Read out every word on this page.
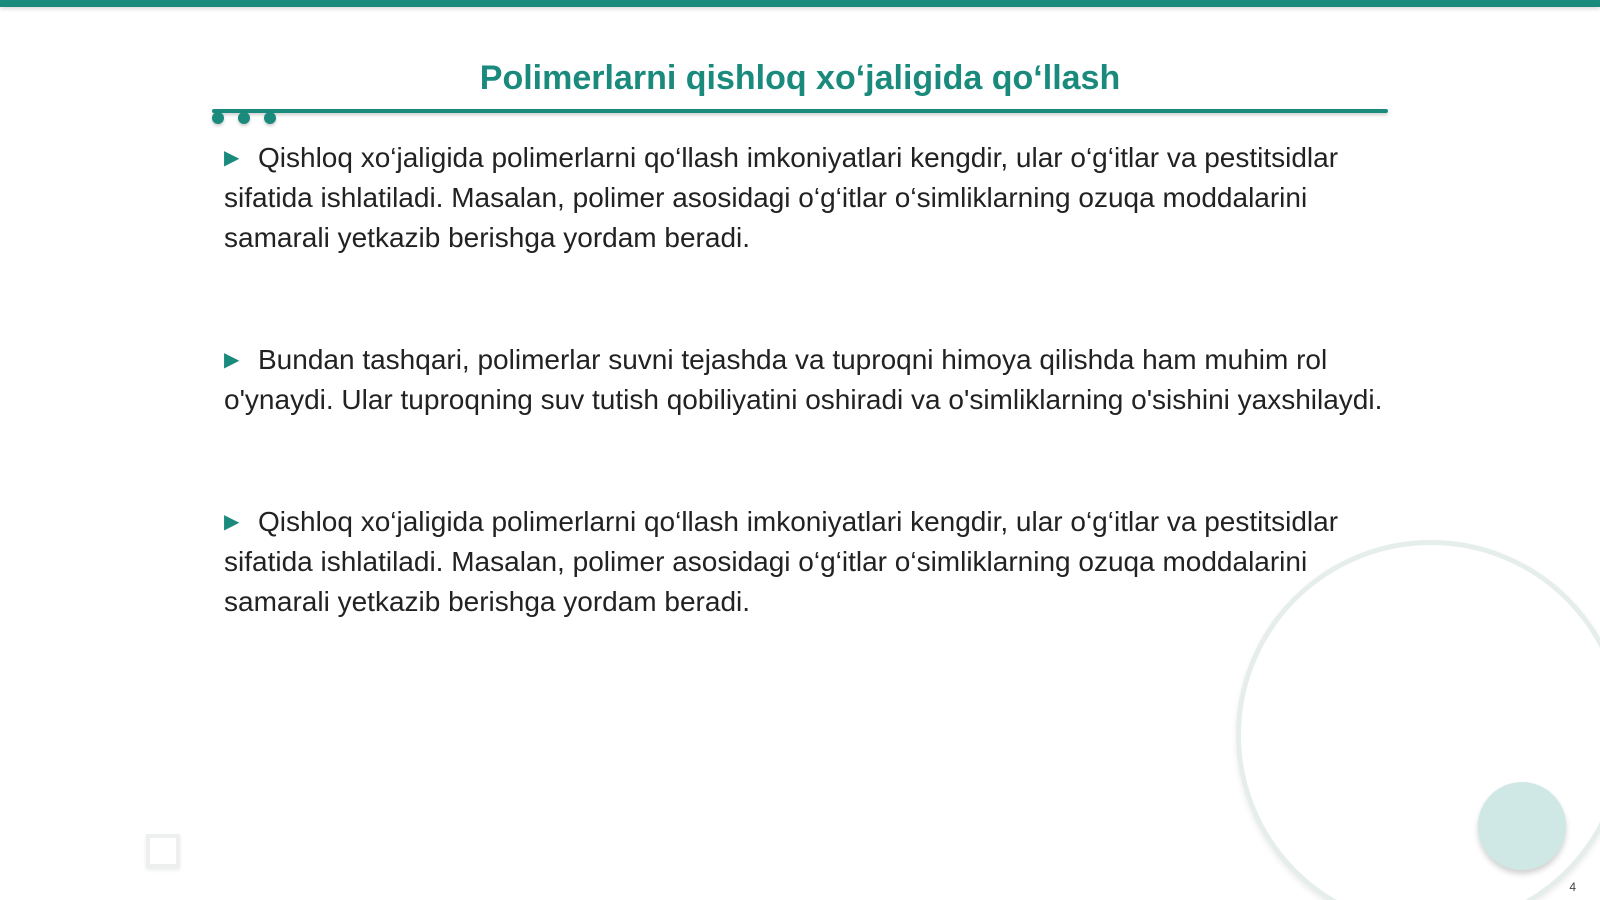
Polimerlarni qishloq xo‘jaligida qo‘llash

▶ Qishloq xo‘jaligida polimerlarni qo‘llash imkoniyatlari kengdir, ular o‘g‘itlar va pestitsidlar sifatida ishlatiladi. Masalan, polimer asosidagi o‘g‘itlar o‘simliklarning ozuqa moddalarini samarali yetkazib berishga yordam beradi.

▶ Bundan tashqari, polimerlar suvni tejashda va tuproqni himoya qilishda ham muhim rol o'ynaydi. Ular tuproqning suv tutish qobiliyatini oshiradi va o'simliklarning o'sishini yaxshilaydi.

▶ Qishloq xo‘jaligida polimerlarni qo‘llash imkoniyatlari kengdir, ular o‘g‘itlar va pestitsidlar sifatida ishlatiladi. Masalan, polimer asosidagi o‘g‘itlar o‘simliklarning ozuqa moddalarini samarali yetkazib berishga yordam beradi.

4
